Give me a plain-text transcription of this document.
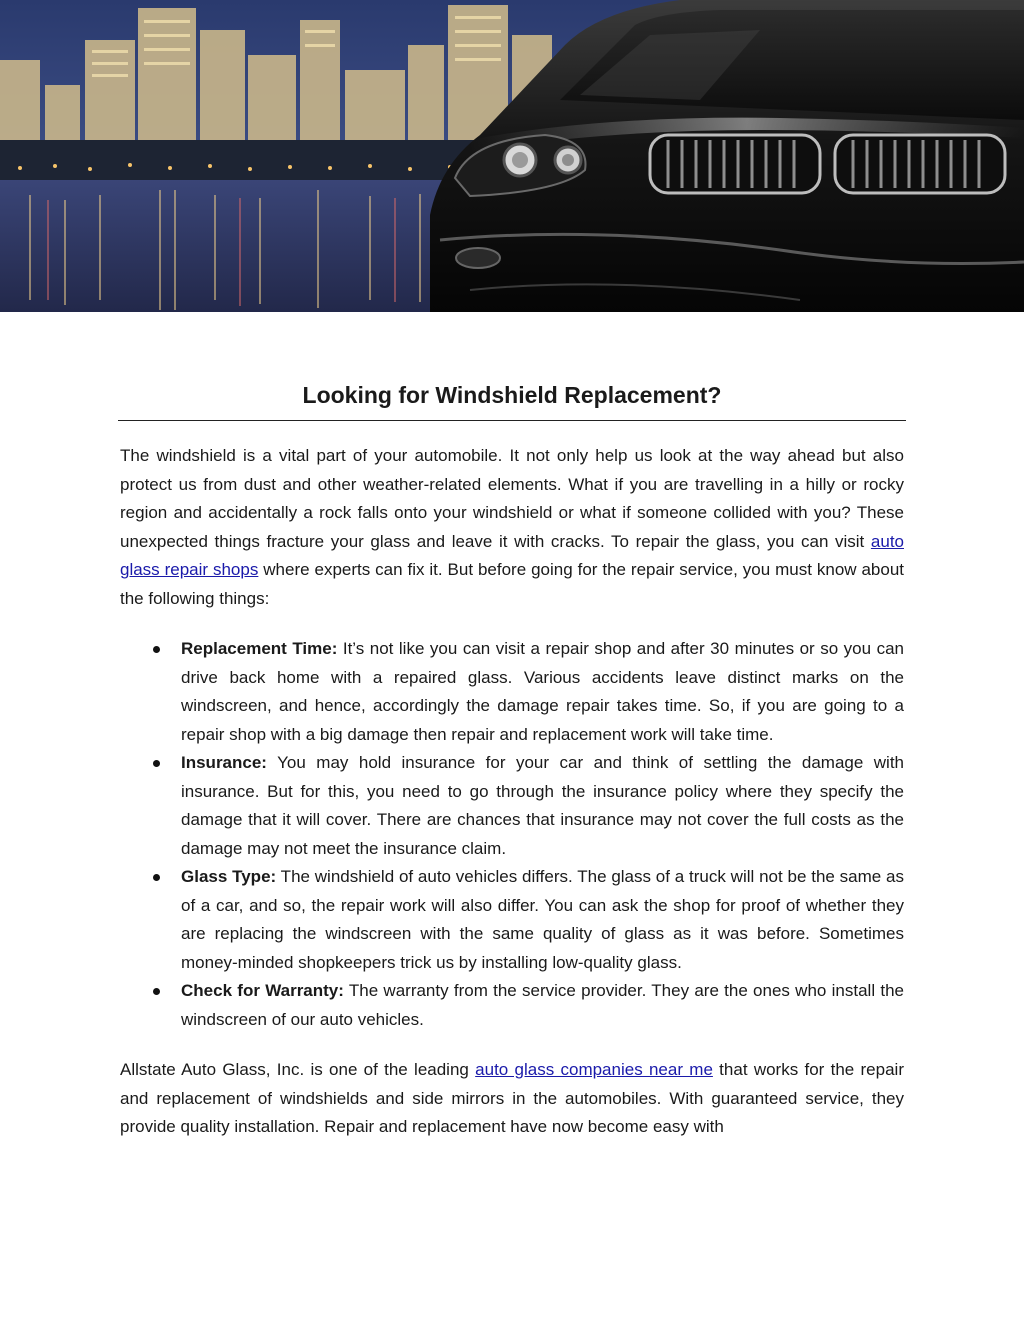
Looking for Windshield Replacement?

The windshield is a vital part of your automobile. It not only help us look at the way ahead but also protect us from dust and other weather-related elements. What if you are travelling in a hilly or rocky region and accidentally a rock falls onto your windshield or what if someone collided with you? These unexpected things fracture your glass and leave it with cracks. To repair the glass, you can visit auto glass repair shops where experts can fix it. But before going for the repair service, you must know about the following things:

Replacement Time: It’s not like you can visit a repair shop and after 30 minutes or so you can drive back home with a repaired glass. Various accidents leave distinct marks on the windscreen, and hence, accordingly the damage repair takes time. So, if you are going to a repair shop with a big damage then repair and replacement work will take time.
Insurance: You may hold insurance for your car and think of settling the damage with insurance. But for this, you need to go through the insurance policy where they specify the damage that it will cover. There are chances that insurance may not cover the full costs as the damage may not meet the insurance claim.
Glass Type: The windshield of auto vehicles differs. The glass of a truck will not be the same as of a car, and so, the repair work will also differ. You can ask the shop for proof of whether they are replacing the windscreen with the same quality of glass as it was before. Sometimes money-minded shopkeepers trick us by installing low-quality glass.
Check for Warranty: The warranty from the service provider. They are the ones who install the windscreen of our auto vehicles.

Allstate Auto Glass, Inc. is one of the leading auto glass companies near me that works for the repair and replacement of windshields and side mirrors in the automobiles. With guaranteed service, they provide quality installation. Repair and replacement have now become easy with
